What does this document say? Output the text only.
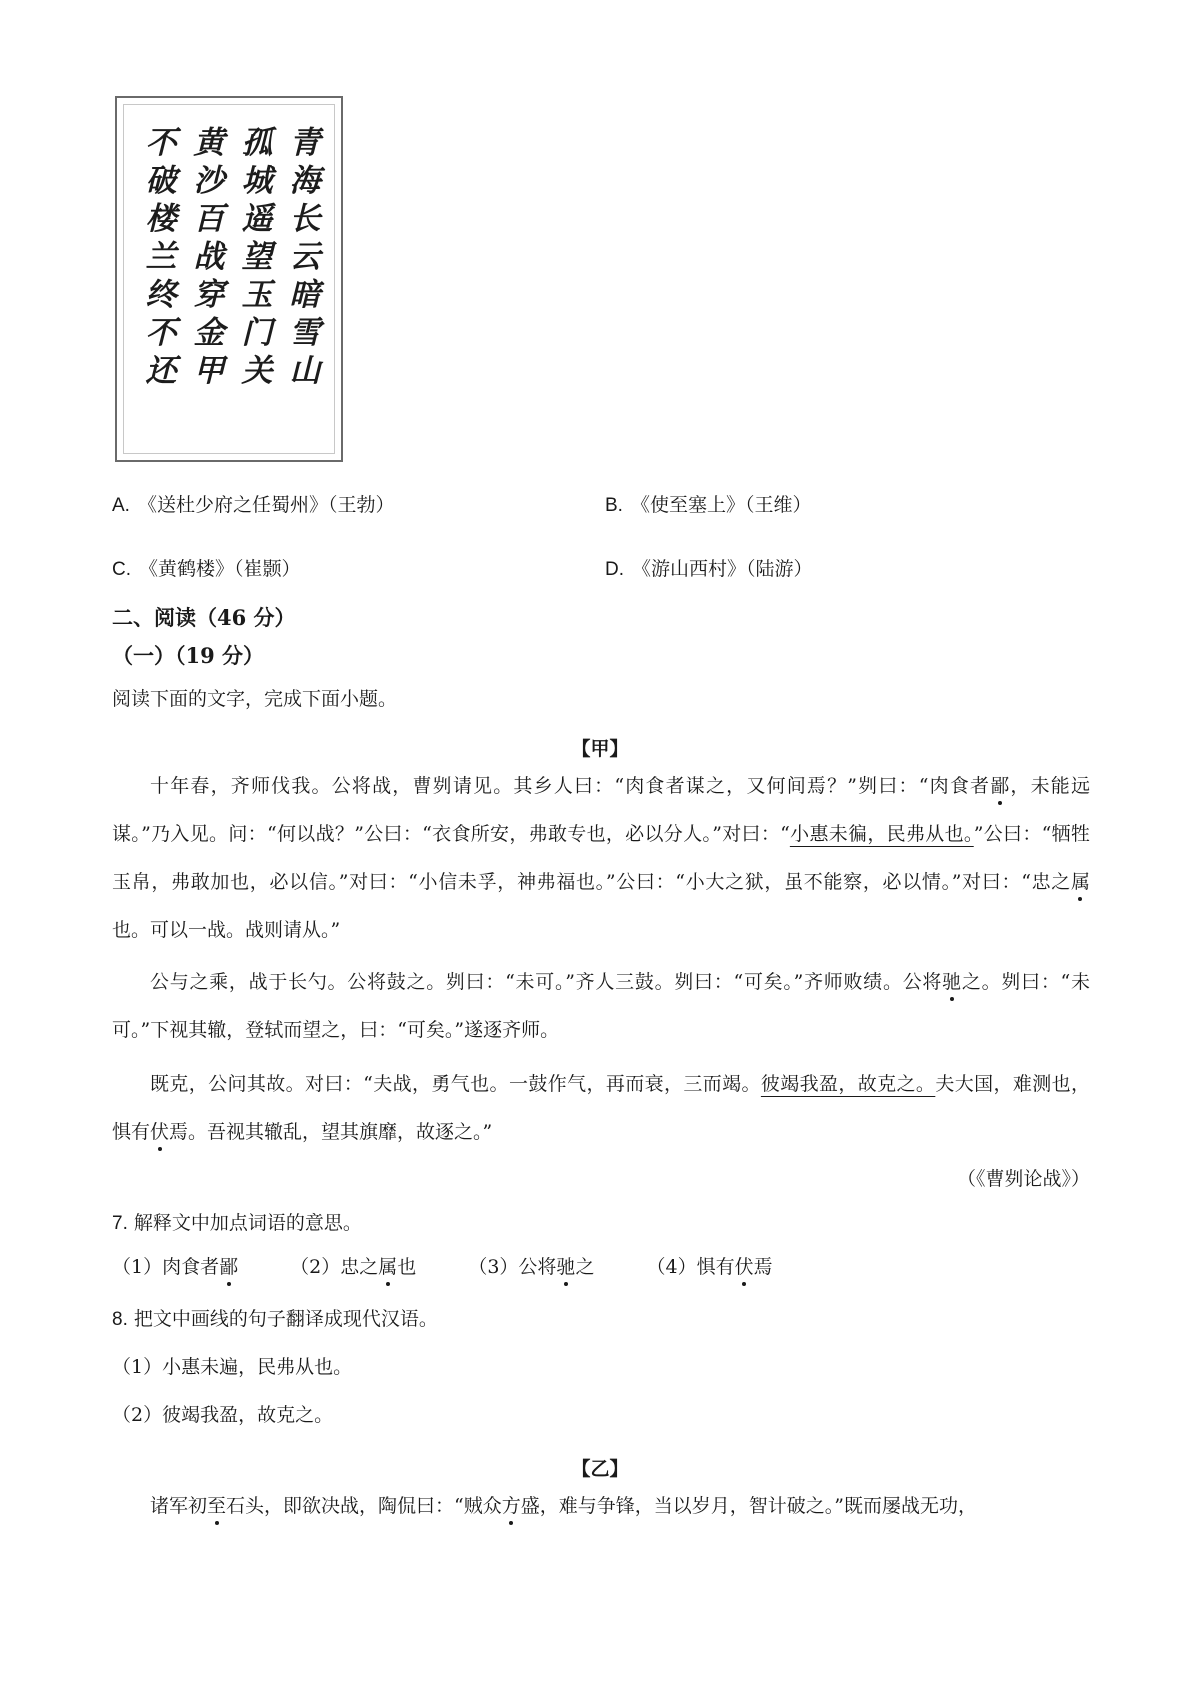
青
海
长
云
暗
雪
山
孤
城
遥
望
玉
门
关
黄
沙
百
战
穿
金
甲
不
破
楼
兰
终
不
还
A. 《送杜少府之任蜀州》（王勃）	B. 《使至塞上》（王维）
C. 《黄鹤楼》（崔颢）	D. 《游山西村》（陆游）
二、阅读（46 分）
（一）（19 分）
阅读下面的文字，完成下面小题。
【甲】
十年春，齐师伐我。公将战，曹刿请见。其乡人曰：“肉食者谋之，又何间焉？”刿曰：“肉食者鄙，未能远谋。”乃入见。问：“何以战？”公曰：“衣食所安，弗敢专也，必以分人。”对曰：“小惠未徧，民弗从也。”公曰：“牺牲玉帛，弗敢加也，必以信。”对曰：“小信未孚，神弗福也。”公曰：“小大之狱，虽不能察，必以情。”对曰：“忠之属也。可以一战。战则请从。”
公与之乘，战于长勺。公将鼓之。刿曰：“未可。”齐人三鼓。刿曰：“可矣。”齐师败绩。公将驰之。刿曰：“未可。”下视其辙，登轼而望之，曰：“可矣。”遂逐齐师。
既克，公问其故。对曰：“夫战，勇气也。一鼓作气，再而衰，三而竭。彼竭我盈，故克之。夫大国，难测也，惧有伏焉。吾视其辙乱，望其旗靡，故逐之。”
（《曹刿论战》）
7. 解释文中加点词语的意思。
（1）肉食者鄙	（2）忠之属也	（3）公将驰之	（4）惧有伏焉
8. 把文中画线的句子翻译成现代汉语。
（1）小惠未遍，民弗从也。
（2）彼竭我盈，故克之。
【乙】
诸军初至石头，即欲决战，陶侃曰：“贼众方盛，难与争锋，当以岁月，智计破之。”既而屡战无功，
